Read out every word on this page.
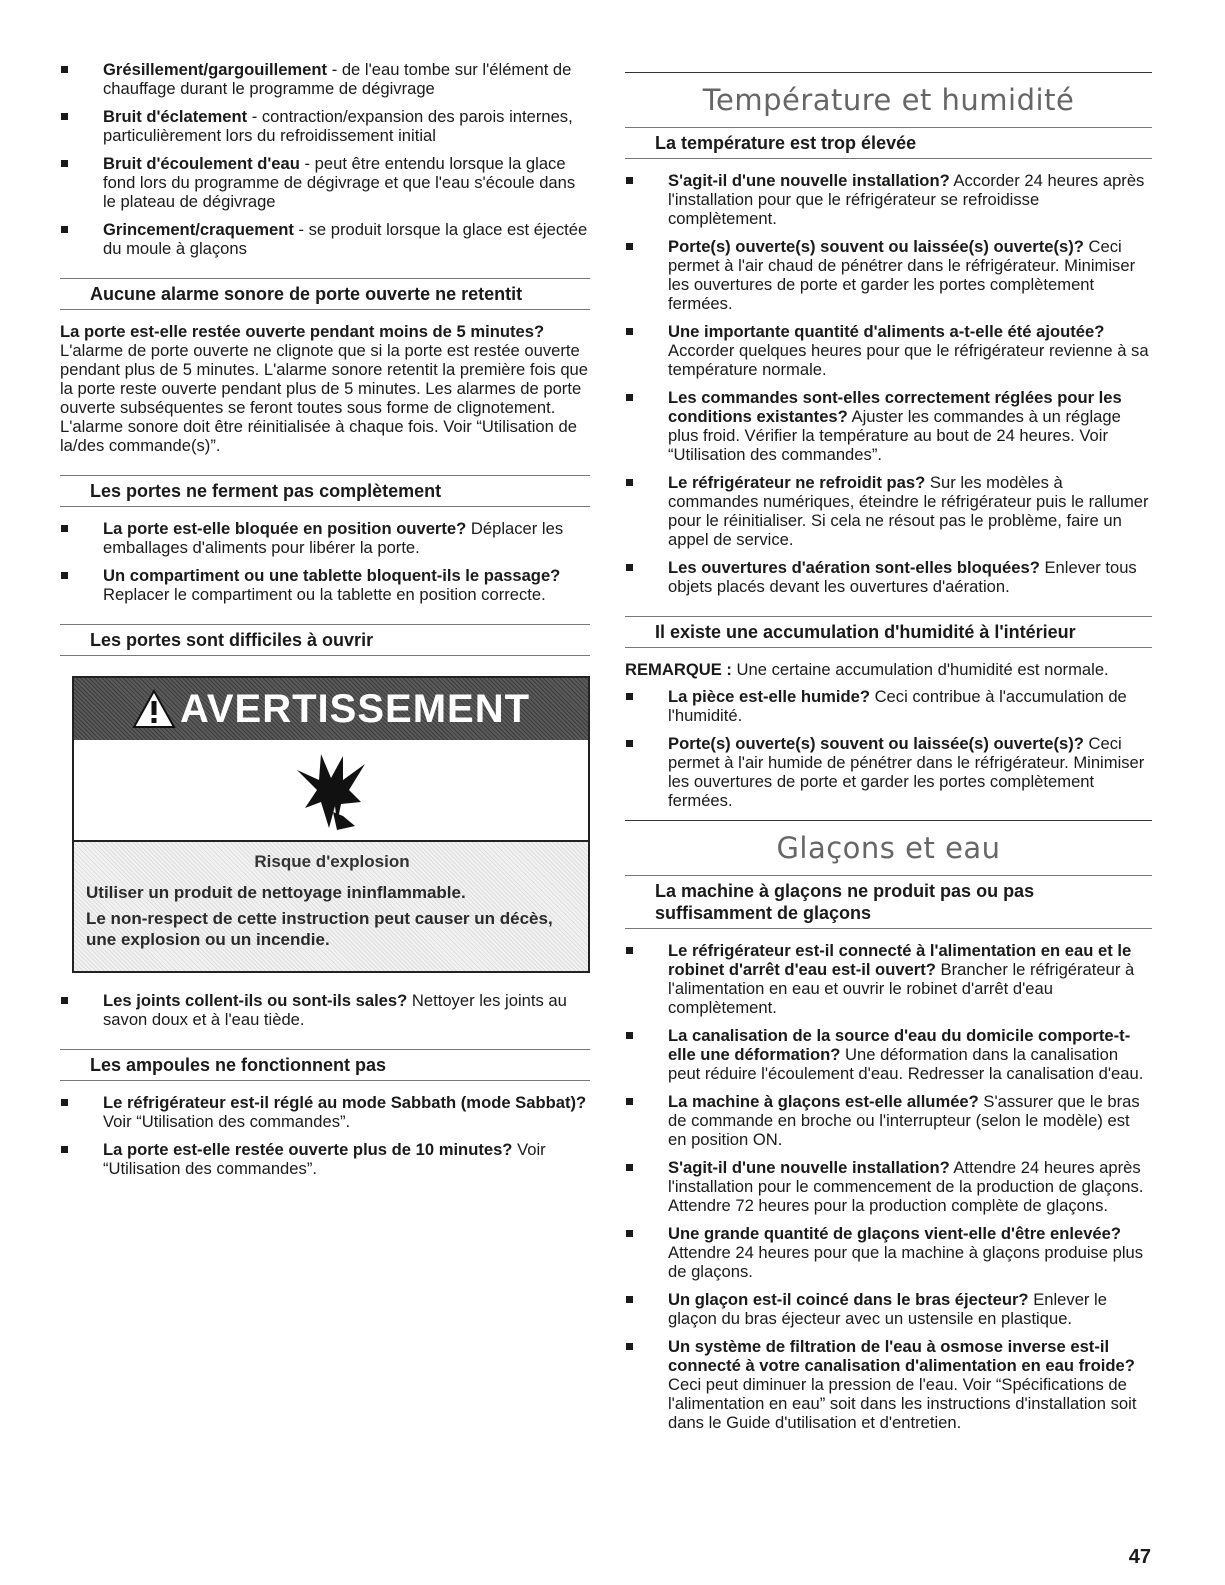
Grésillement/gargouillement - de l'eau tombe sur l'élément de chauffage durant le programme de dégivrage
Bruit d'éclatement - contraction/expansion des parois internes, particulièrement lors du refroidissement initial
Bruit d'écoulement d'eau - peut être entendu lorsque la glace fond lors du programme de dégivrage et que l'eau s'écoule dans le plateau de dégivrage
Grincement/craquement - se produit lorsque la glace est éjectée du moule à glaçons
Aucune alarme sonore de porte ouverte ne retentit
La porte est-elle restée ouverte pendant moins de 5 minutes?
L'alarme de porte ouverte ne clignote que si la porte est restée ouverte pendant plus de 5 minutes. L'alarme sonore retentit la première fois que la porte reste ouverte pendant plus de 5 minutes. Les alarmes de porte ouverte subséquentes se feront toutes sous forme de clignotement. L'alarme sonore doit être réinitialisée à chaque fois. Voir “Utilisation de la/des commande(s)”.
Les portes ne ferment pas complètement
La porte est-elle bloquée en position ouverte? Déplacer les emballages d'aliments pour libérer la porte.
Un compartiment ou une tablette bloquent-ils le passage? Replacer le compartiment ou la tablette en position correcte.
Les portes sont difficiles à ouvrir
AVERTISSEMENT
Risque d'explosion
Utiliser un produit de nettoyage ininflammable.
Le non-respect de cette instruction peut causer un décès, une explosion ou un incendie.
Les joints collent-ils ou sont-ils sales? Nettoyer les joints au savon doux et à l'eau tiède.
Les ampoules ne fonctionnent pas
Le réfrigérateur est-il réglé au mode Sabbath (mode Sabbat)? Voir “Utilisation des commandes”.
La porte est-elle restée ouverte plus de 10 minutes? Voir “Utilisation des commandes”.
Température et humidité
La température est trop élevée
S'agit-il d'une nouvelle installation? Accorder 24 heures après l'installation pour que le réfrigérateur se refroidisse complètement.
Porte(s) ouverte(s) souvent ou laissée(s) ouverte(s)? Ceci permet à l'air chaud de pénétrer dans le réfrigérateur. Minimiser les ouvertures de porte et garder les portes complètement fermées.
Une importante quantité d'aliments a-t-elle été ajoutée? Accorder quelques heures pour que le réfrigérateur revienne à sa température normale.
Les commandes sont-elles correctement réglées pour les conditions existantes? Ajuster les commandes à un réglage plus froid. Vérifier la température au bout de 24 heures. Voir “Utilisation des commandes”.
Le réfrigérateur ne refroidit pas? Sur les modèles à commandes numériques, éteindre le réfrigérateur puis le rallumer pour le réinitialiser. Si cela ne résout pas le problème, faire un appel de service.
Les ouvertures d'aération sont-elles bloquées? Enlever tous objets placés devant les ouvertures d'aération.
Il existe une accumulation d'humidité à l'intérieur
REMARQUE : Une certaine accumulation d'humidité est normale.
La pièce est-elle humide? Ceci contribue à l'accumulation de l'humidité.
Porte(s) ouverte(s) souvent ou laissée(s) ouverte(s)? Ceci permet à l'air humide de pénétrer dans le réfrigérateur. Minimiser les ouvertures de porte et garder les portes complètement fermées.
Glaçons et eau
La machine à glaçons ne produit pas ou pas
suffisamment de glaçons
Le réfrigérateur est-il connecté à l'alimentation en eau et le robinet d'arrêt d'eau est-il ouvert? Brancher le réfrigérateur à l'alimentation en eau et ouvrir le robinet d'arrêt d'eau complètement.
La canalisation de la source d'eau du domicile comporte-t-elle une déformation? Une déformation dans la canalisation peut réduire l'écoulement d'eau. Redresser la canalisation d'eau.
La machine à glaçons est-elle allumée? S'assurer que le bras de commande en broche ou l'interrupteur (selon le modèle) est en position ON.
S'agit-il d'une nouvelle installation? Attendre 24 heures après l'installation pour le commencement de la production de glaçons. Attendre 72 heures pour la production complète de glaçons.
Une grande quantité de glaçons vient-elle d'être enlevée? Attendre 24 heures pour que la machine à glaçons produise plus de glaçons.
Un glaçon est-il coincé dans le bras éjecteur? Enlever le glaçon du bras éjecteur avec un ustensile en plastique.
Un système de filtration de l'eau à osmose inverse est-il connecté à votre canalisation d'alimentation en eau froide? Ceci peut diminuer la pression de l'eau. Voir “Spécifications de l'alimentation en eau” soit dans les instructions d'installation soit dans le Guide d'utilisation et d'entretien.
47
